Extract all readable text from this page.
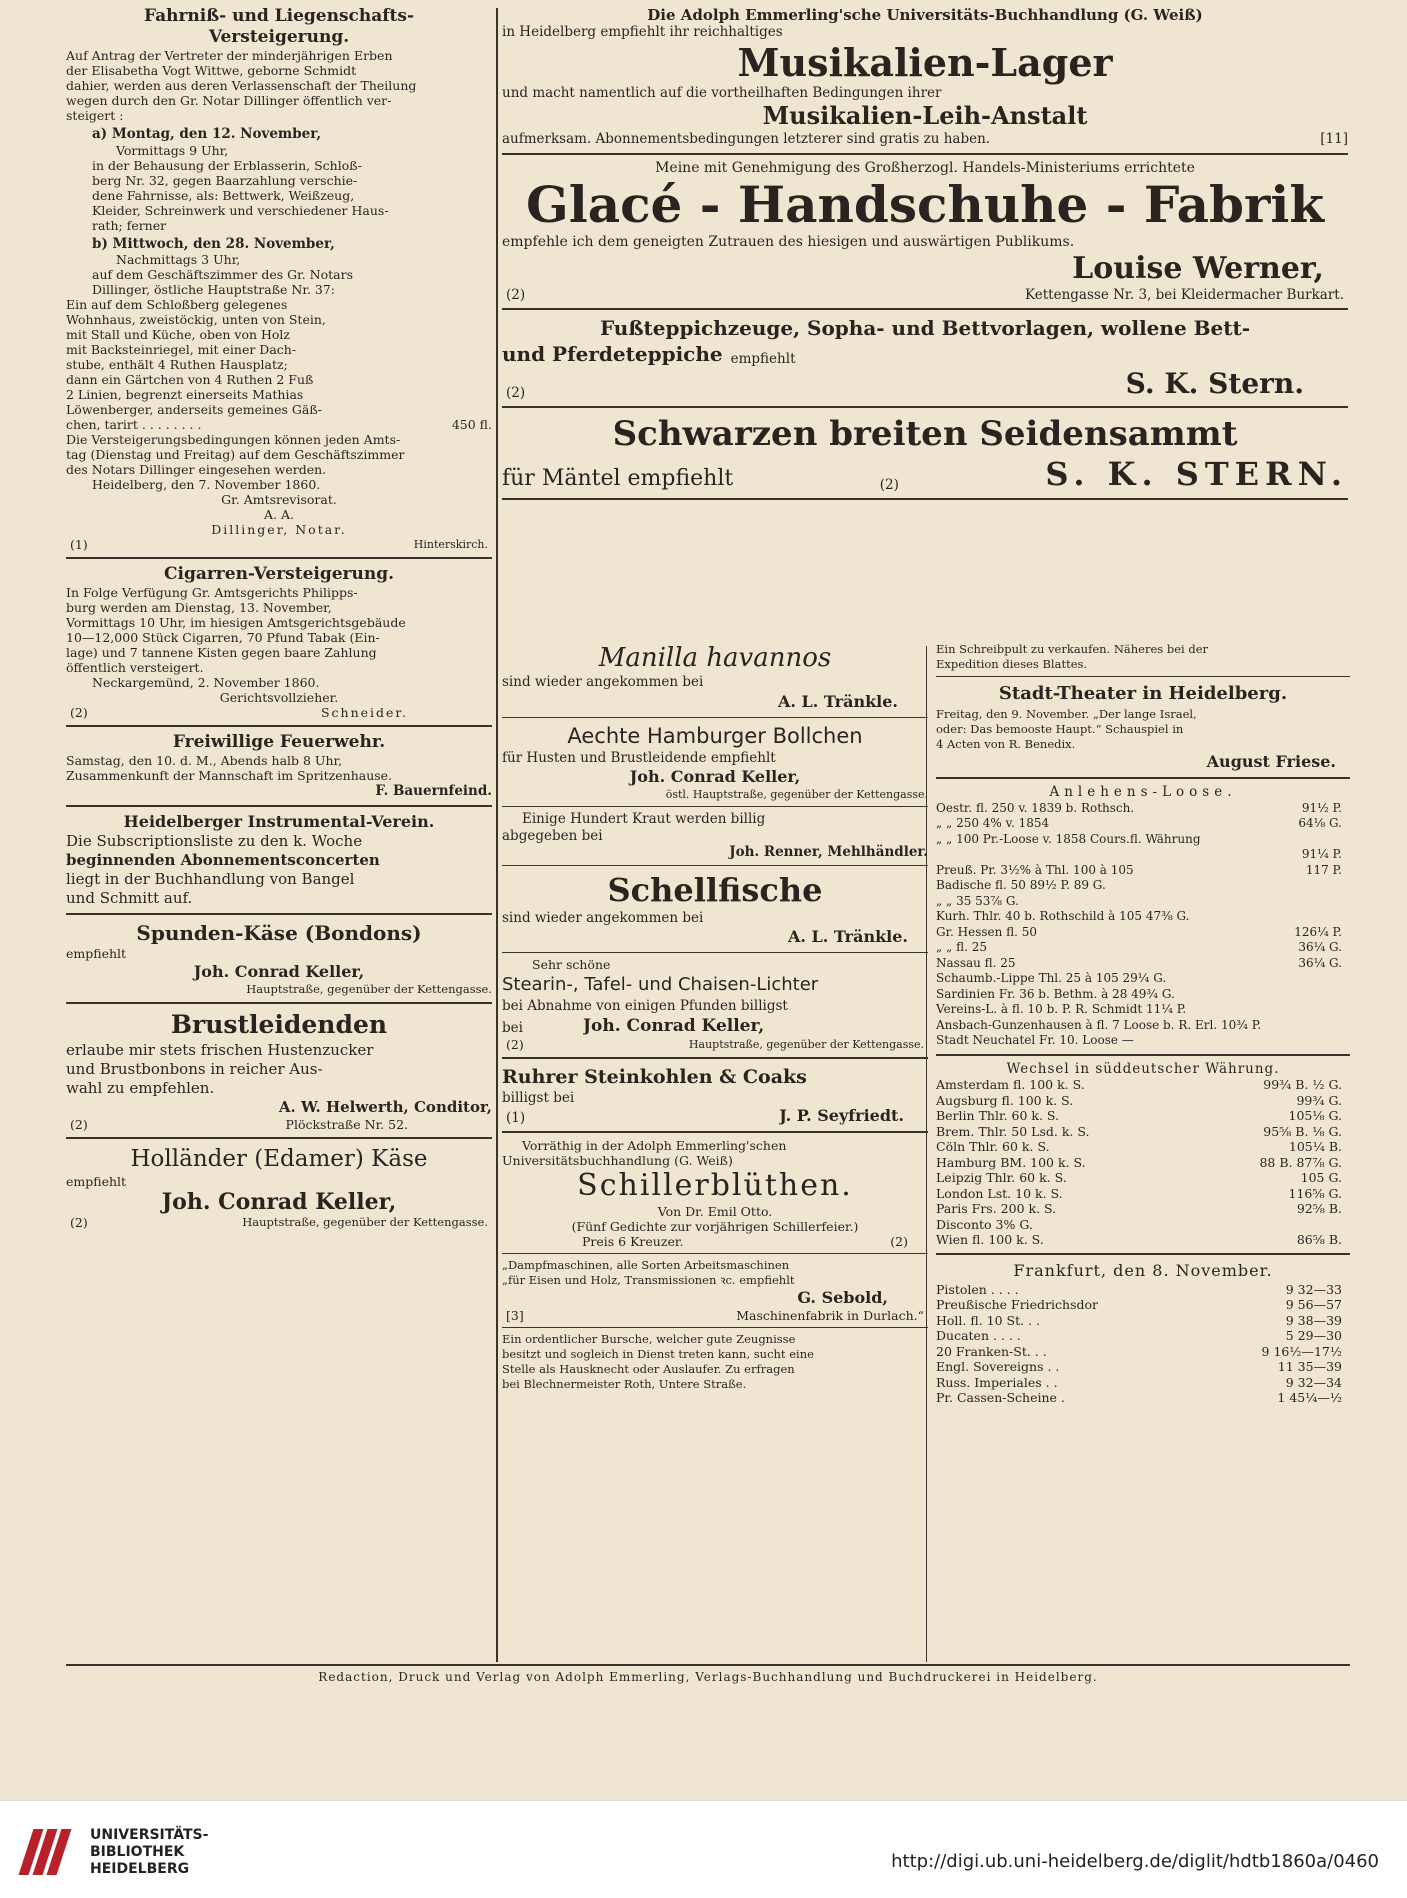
Fahrniß- und Liegenschafts-
Versteigerung.
Auf Antrag der Vertreter der minderjährigen Erben
der Elisabetha Vogt Wittwe, geborne Schmidt
dahier, werden aus deren Verlassenschaft der Theilung
wegen durch den Gr. Notar Dillinger öffentlich ver-
steigert :
a) Montag, den 12. November,
Vormittags 9 Uhr,
in der Behausung der Erblasserin, Schloß-
berg Nr. 32, gegen Baarzahlung verschie-
dene Fahrnisse, als: Bettwerk, Weißzeug,
Kleider, Schreinwerk und verschiedener Haus-
rath; ferner
b) Mittwoch, den 28. November,
Nachmittags 3 Uhr,
auf dem Geschäftszimmer des Gr. Notars
Dillinger, östliche Hauptstraße Nr. 37:
Ein auf dem Schloßberg gelegenes
Wohnhaus, zweistöckig, unten von Stein,
mit Stall und Küche, oben von Holz
mit Backsteinriegel, mit einer Dach-
stube, enthält 4 Ruthen Hausplatz;
dann ein Gärtchen von 4 Ruthen 2 Fuß
2 Linien, begrenzt einerseits Mathias
Löwenberger, anderseits gemeines Gäß-
chen, tarirt . . . . . . . .	450 fl.
Die Versteigerungsbedingungen können jeden Amts-
tag (Dienstag und Freitag) auf dem Geschäftszimmer
des Notars Dillinger eingesehen werden.
Heidelberg, den 7. November 1860.
Gr. Amtsrevisorat.
A. A.
Dillinger, Notar.
(1)	Hinterskirch.
Cigarren-Versteigerung.
In Folge Verfügung Gr. Amtsgerichts Philipps-
burg werden am Dienstag, 13. November,
Vormittags 10 Uhr, im hiesigen Amtsgerichtsgebäude
10—12,000 Stück Cigarren, 70 Pfund Tabak (Ein-
lage) und 7 tannene Kisten gegen baare Zahlung
öffentlich versteigert.
Neckargemünd, 2. November 1860.
Gerichtsvollzieher.
(2)	Schneider.
Freiwillige Feuerwehr.
Samstag, den 10. d. M., Abends halb 8 Uhr,
Zusammenkunft der Mannschaft im Spritzenhause.
F. Bauernfeind.
Heidelberger Instrumental-Verein.
Die Subscriptionsliste zu den k. Woche
beginnenden Abonnementsconcerten
liegt in der Buchhandlung von Bangel
und Schmitt auf.
Spunden-Käse (Bondons)
empfiehlt
Joh. Conrad Keller,
Hauptstraße, gegenüber der Kettengasse.
Brustleidenden
erlaube mir stets frischen Hustenzucker
und Brustbonbons in reicher Aus-
wahl zu empfehlen.
A. W. Helwerth, Conditor,
(2)	Plöckstraße Nr. 52.
Holländer (Edamer) Käse
empfiehlt
Joh. Conrad Keller,
(2)	Hauptstraße, gegenüber der Kettengasse.
Die Adolph Emmerling'sche Universitäts-Buchhandlung (G. Weiß)
in Heidelberg empfiehlt ihr reichhaltiges
Musikalien-Lager
und macht namentlich auf die vortheilhaften Bedingungen ihrer
Musikalien-Leih-Anstalt
aufmerksam. Abonnementsbedingungen letzterer sind gratis zu haben.	[11]
Meine mit Genehmigung des Großherzogl. Handels-Ministeriums errichtete
Glacé - Handschuhe - Fabrik
empfehle ich dem geneigten Zutrauen des hiesigen und auswärtigen Publikums.
Louise Werner,
(2)	Kettengasse Nr. 3, bei Kleidermacher Burkart.
Fußteppichzeuge, Sopha- und Bettvorlagen, wollene Bett-
und Pferdeteppiche empfiehlt
(2)	S. K. Stern.
Schwarzen breiten Seidensammt
für Mäntel empfiehlt	(2)	S. K. STERN.
Manilla havannos
sind wieder angekommen bei
A. L. Tränkle.
Aechte Hamburger Bollchen
für Husten und Brustleidende empfiehlt
Joh. Conrad Keller,
östl. Hauptstraße, gegenüber der Kettengasse.
Einige Hundert Kraut werden billig
abgegeben bei
Joh. Renner, Mehlhändler.
Schellfische
sind wieder angekommen bei
A. L. Tränkle.
Sehr schöne
Stearin-, Tafel- und Chaisen-Lichter
bei Abnahme von einigen Pfunden billigst
bei	Joh. Conrad Keller,
(2)	Hauptstraße, gegenüber der Kettengasse.
Ruhrer Steinkohlen & Coaks
billigst bei
(1)	J. P. Seyfriedt.
Vorräthig in der Adolph Emmerling'schen
Universitätsbuchhandlung (G. Weiß)
Schillerblüthen.
Von Dr. Emil Otto.
(Fünf Gedichte zur vorjährigen Schillerfeier.)
Preis 6 Kreuzer.	(2)
„Dampfmaschinen, alle Sorten Arbeitsmaschinen
„für Eisen und Holz, Transmissionen ꝛc. empfiehlt
G. Sebold,
[3]	Maschinenfabrik in Durlach.“
Ein ordentlicher Bursche, welcher gute Zeugnisse
besitzt und sogleich in Dienst treten kann, sucht eine
Stelle als Hausknecht oder Auslaufer. Zu erfragen
bei Blechnermeister Roth, Untere Straße.
Ein Schreibpult zu verkaufen. Näheres bei der
Expedition dieses Blattes.
Stadt-Theater in Heidelberg.
Freitag, den 9. November. „Der lange Israel,
oder: Das bemooste Haupt.“ Schauspiel in
4 Acten von R. Benedix.
August Friese.
Anlehens-Loose.
Oestr. fl. 250 v. 1839 b. Rothsch.	91½ P.
„ „ 250 4% v. 1854	64⅛ G.
„ „ 100 Pr.-Loose v. 1858 Cours.fl. Währung
91¼ P.
Preuß. Pr. 3½% à Thl. 100 à 105	117 P.
Badische fl. 50 89½ P. 89 G.
„ „ 35 53⅞ G.
Kurh. Thlr. 40 b. Rothschild à 105 47⅜ G.
Gr. Hessen fl. 50	126¼ P.
„ „ fl. 25	36¼ G.
Nassau fl. 25	36¼ G.
Schaumb.-Lippe Thl. 25 à 105 29¼ G.
Sardinien Fr. 36 b. Bethm. à 28 49¾ G.
Vereins-L. à fl. 10 b. P. R. Schmidt 11¼ P.
Ansbach-Gunzenhausen à fl. 7 Loose b. R. Erl. 10¾ P.
Stadt Neuchatel Fr. 10. Loose —
Wechsel in süddeutscher Währung.
Amsterdam fl. 100 k. S.	99¾ B. ½ G.
Augsburg fl. 100 k. S.	99¾ G.
Berlin Thlr. 60 k. S.	105⅛ G.
Brem. Thlr. 50 Lsd. k. S.	95⅝ B. ⅛ G.
Cöln Thlr. 60 k. S.	105¼ B.
Hamburg BM. 100 k. S.	88 B. 87⅞ G.
Leipzig Thlr. 60 k. S.	105 G.
London Lst. 10 k. S.	116⅝ G.
Paris Frs. 200 k. S.	92⅝ B.
Disconto 3% G.
Wien fl. 100 k. S.	86⅝ B.
Frankfurt, den 8. November.
Pistolen . . . .	9 32—33
Preußische Friedrichsdor	9 56—57
Holl. fl. 10 St. . .	9 38—39
Ducaten . . . .	5 29—30
20 Franken-St. . .	9 16½—17½
Engl. Sovereigns . .	11 35—39
Russ. Imperiales . .	9 32—34
Pr. Cassen-Scheine .	1 45¼—½
Redaction, Druck und Verlag von Adolph Emmerling, Verlags-Buchhandlung und Buchdruckerei in Heidelberg.
UNIVERSITÄTS-
BIBLIOTHEK
HEIDELBERG	http://digi.ub.uni-heidelberg.de/diglit/hdtb1860a/0460
